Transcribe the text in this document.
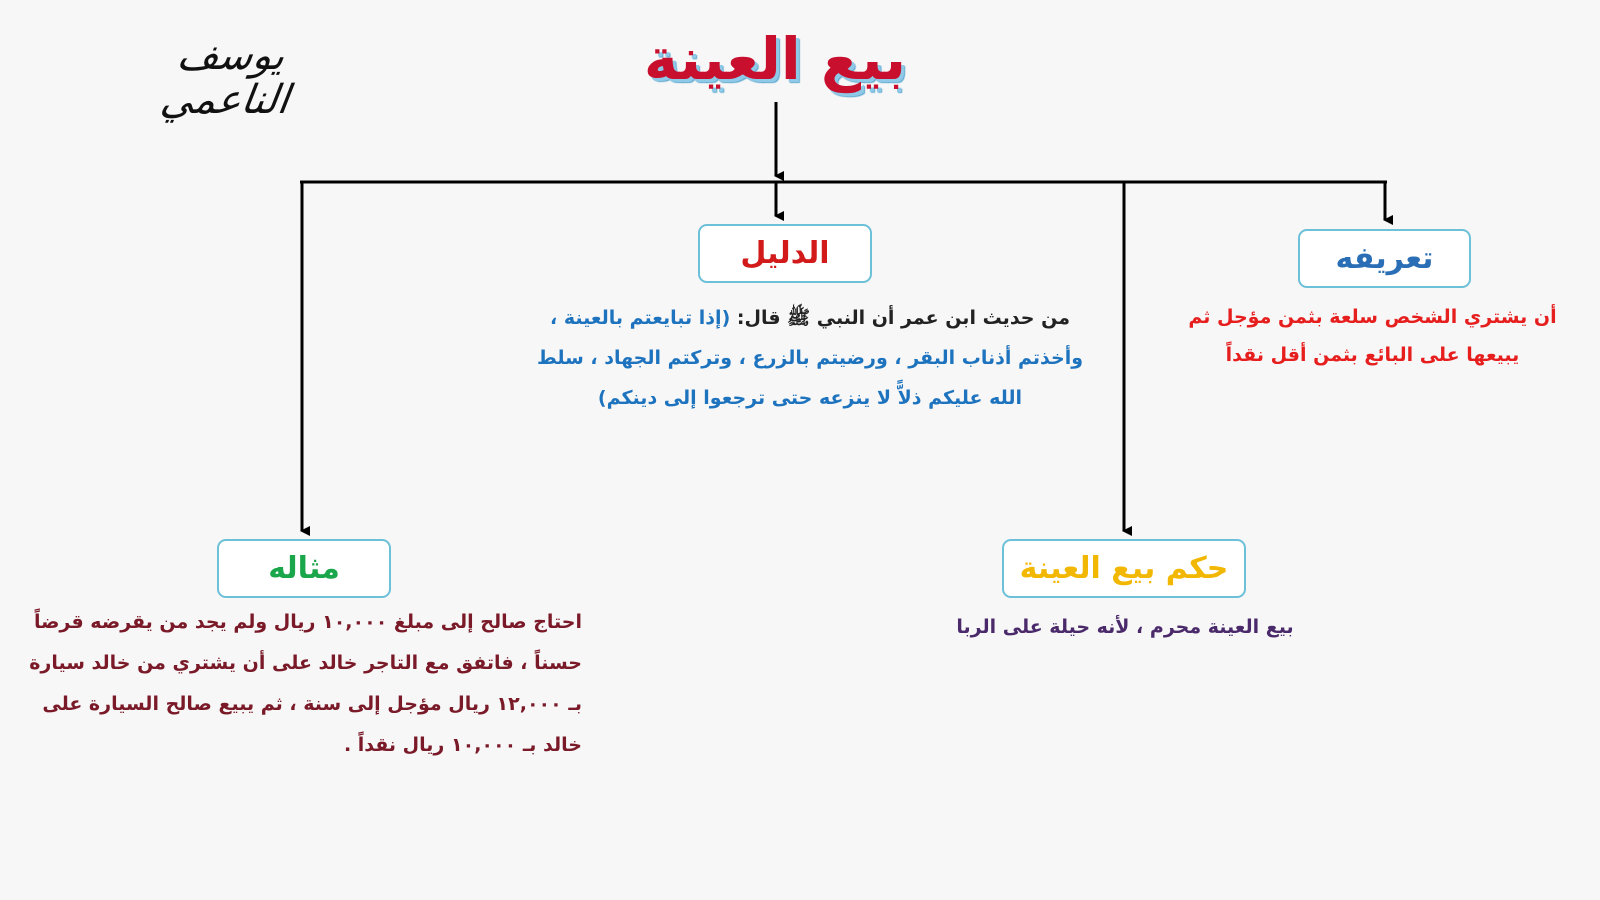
يوسف الناعمي
بيع العينة
تعريفه
أن يشتري الشخص سلعة بثمن مؤجل ثم يبيعها على البائع بثمن أقل نقداً
الدليل
من حديث ابن عمر أن النبي ﷺ قال: (إذا تبايعتم بالعينة ، وأخذتم أذناب البقر ، ورضيتم بالزرع ، وتركتم الجهاد ، سلط الله عليكم ذلاًّ لا ينزعه حتى ترجعوا إلى دينكم)
حكم بيع العينة
بيع العينة محرم ، لأنه حيلة على الربا
مثاله
احتاج صالح إلى مبلغ ١٠,٠٠٠ ريال ولم يجد من يقرضه قرضاً حسناً ، فاتفق مع التاجر خالد على أن يشتري من خالد سيارة بـ ١٢,٠٠٠ ريال مؤجل إلى سنة ، ثم يبيع صالح السيارة على خالد بـ ١٠,٠٠٠ ريال نقداً .
